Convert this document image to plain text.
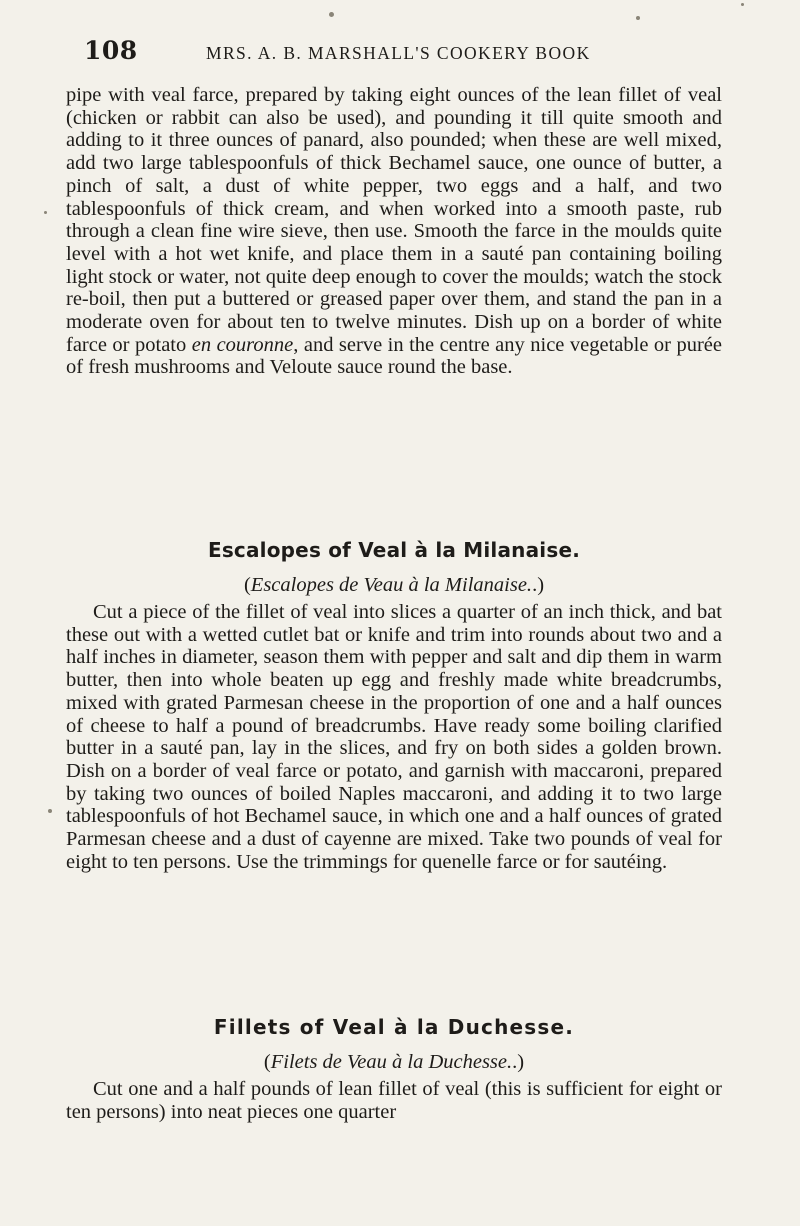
108	MRS. A. B. MARSHALL'S COOKERY BOOK

pipe with veal farce, prepared by taking eight ounces of the lean fillet of veal (chicken or rabbit can also be used), and pounding it till quite smooth and adding to it three ounces of panard, also pounded; when these are well mixed, add two large tablespoonfuls of thick Bechamel sauce, one ounce of butter, a pinch of salt, a dust of white pepper, two eggs and a half, and two tablespoonfuls of thick cream, and when worked into a smooth paste, rub through a clean fine wire sieve, then use. Smooth the farce in the moulds quite level with a hot wet knife, and place them in a sauté pan containing boiling light stock or water, not quite deep enough to cover the moulds; watch the stock re-boil, then put a buttered or greased paper over them, and stand the pan in a moderate oven for about ten to twelve minutes. Dish up on a border of white farce or potato en couronne, and serve in the centre any nice vegetable or purée of fresh mushrooms and Veloute sauce round the base.

Escalopes of Veal à la Milanaise.

(Escalopes de Veau à la Milanaise..)

Cut a piece of the fillet of veal into slices a quarter of an inch thick, and bat these out with a wetted cutlet bat or knife and trim into rounds about two and a half inches in diameter, season them with pepper and salt and dip them in warm butter, then into whole beaten up egg and freshly made white breadcrumbs, mixed with grated Parmesan cheese in the proportion of one and a half ounces of cheese to half a pound of breadcrumbs. Have ready some boiling clarified butter in a sauté pan, lay in the slices, and fry on both sides a golden brown. Dish on a border of veal farce or potato, and garnish with maccaroni, prepared by taking two ounces of boiled Naples maccaroni, and adding it to two large tablespoonfuls of hot Bechamel sauce, in which one and a half ounces of grated Parmesan cheese and a dust of cayenne are mixed. Take two pounds of veal for eight to ten persons. Use the trimmings for quenelle farce or for sautéing.

Fillets of Veal à la Duchesse.

(Filets de Veau à la Duchesse..)

Cut one and a half pounds of lean fillet of veal (this is sufficient for eight or ten persons) into neat pieces one quarter
